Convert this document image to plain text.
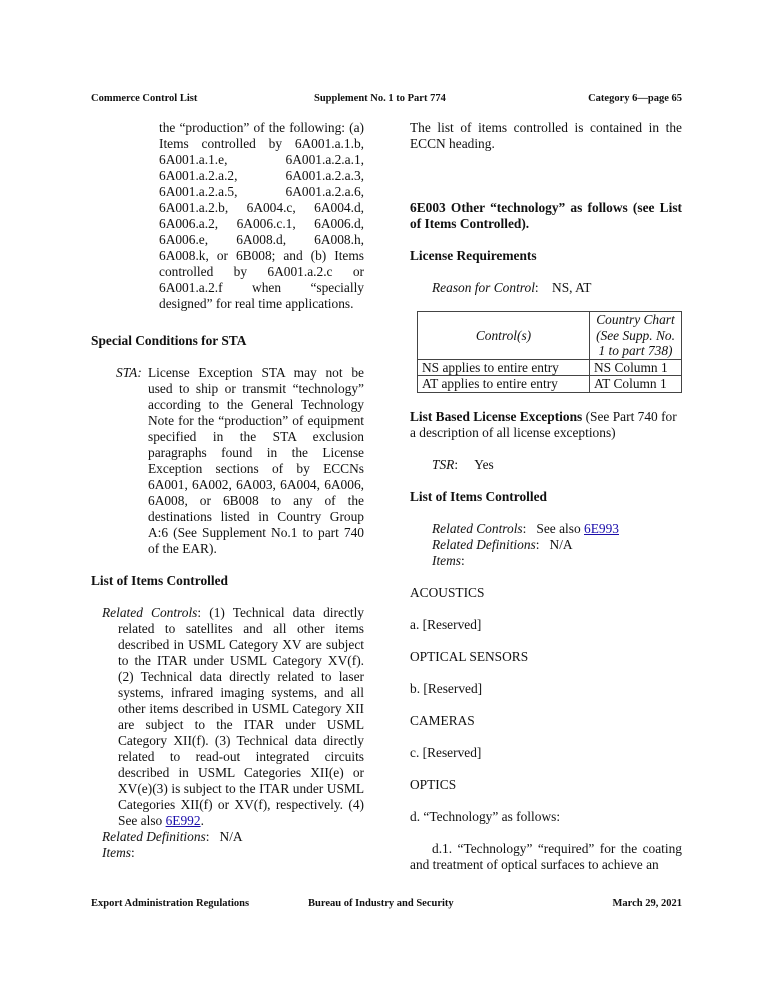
Commerce Control List	Supplement No. 1 to Part 774	Category 6—page 65

the “production” of the following: (a) Items controlled by 6A001.a.1.b, 6A001.a.1.e, 6A001.a.2.a.1, 6A001.a.2.a.2, 6A001.a.2.a.3, 6A001.a.2.a.5, 6A001.a.2.a.6, 6A001.a.2.b, 6A004.c, 6A004.d, 6A006.a.2, 6A006.c.1, 6A006.d, 6A006.e, 6A008.d, 6A008.h, 6A008.k, or 6B008; and (b) Items controlled by 6A001.a.2.c or 6A001.a.2.f when “specially designed” for real time applications.

Special Conditions for STA

STA: License Exception STA may not be used to ship or transmit “technology” according to the General Technology Note for the “production” of equipment specified in the STA exclusion paragraphs found in the License Exception sections of by ECCNs 6A001, 6A002, 6A003, 6A004, 6A006, 6A008, or 6B008 to any of the destinations listed in Country Group A:6 (See Supplement No.1 to part 740 of the EAR).

List of Items Controlled

Related Controls: (1) Technical data directly related to satellites and all other items described in USML Category XV are subject to the ITAR under USML Category XV(f). (2) Technical data directly related to laser systems, infrared imaging systems, and all other items described in USML Category XII are subject to the ITAR under USML Category XII(f). (3) Technical data directly related to read-out integrated circuits described in USML Categories XII(e) or XV(e)(3) is subject to the ITAR under USML Categories XII(f) or XV(f), respectively. (4) See also 6E992.

Related Definitions:   N/A

Items:

The list of items controlled is contained in the ECCN heading.

6E003 Other “technology” as follows (see List of Items Controlled).

License Requirements

Reason for Control:    NS, AT

Control(s)	Country Chart (See Supp. No. 1 to part 738)
NS applies to entire entry	NS Column 1
AT applies to entire entry	AT Column 1

List Based License Exceptions (See Part 740 for a description of all license exceptions)

TSR:     Yes

List of Items Controlled

Related Controls:   See also 6E993

Related Definitions:   N/A

Items:

ACOUSTICS

a. [Reserved]

OPTICAL SENSORS

b. [Reserved]

CAMERAS

c. [Reserved]

OPTICS

d. “Technology” as follows:

d.1. “Technology” “required” for the coating and treatment of optical surfaces to achieve an

Export Administration Regulations	Bureau of Industry and Security	March 29, 2021
